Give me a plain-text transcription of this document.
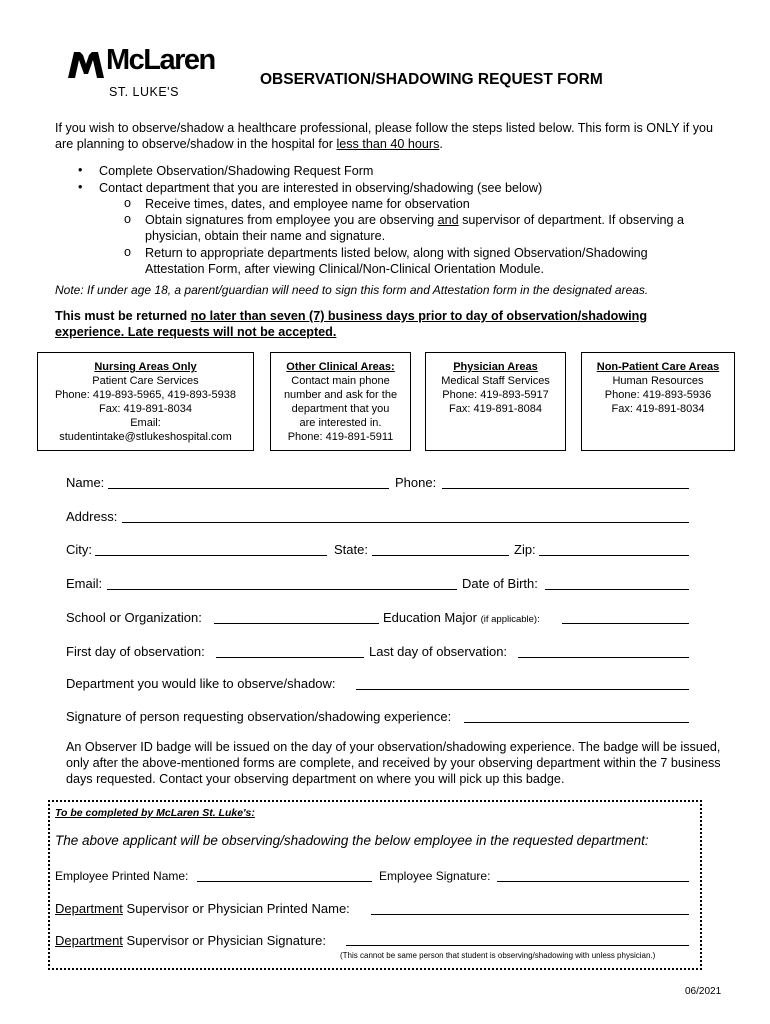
McLaren
ST. LUKE'S
OBSERVATION/SHADOWING REQUEST FORM
If you wish to observe/shadow a healthcare professional, please follow the steps listed below. This form is ONLY if you are planning to observe/shadow in the hospital for less than 40 hours.
• Complete Observation/Shadowing Request Form
• Contact department that you are interested in observing/shadowing (see below)
o Receive times, dates, and employee name for observation
o Obtain signatures from employee you are observing and supervisor of department. If observing a physician, obtain their name and signature.
o Return to appropriate departments listed below, along with signed Observation/Shadowing Attestation Form, after viewing Clinical/Non-Clinical Orientation Module.
Note: If under age 18, a parent/guardian will need to sign this form and Attestation form in the designated areas.
This must be returned no later than seven (7) business days prior to day of observation/shadowing experience. Late requests will not be accepted.
Nursing Areas Only
Patient Care Services
Phone: 419-893-5965, 419-893-5938
Fax: 419-891-8034
Email:
studentintake@stlukeshospital.com
Other Clinical Areas:
Contact main phone
number and ask for the
department that you
are interested in.
Phone: 419-891-5911
Physician Areas
Medical Staff Services
Phone: 419-893-5917
Fax: 419-891-8084
Non-Patient Care Areas
Human Resources
Phone: 419-893-5936
Fax: 419-891-8034
Name:	Phone:
Address:
City:	State:	Zip:
Email:	Date of Birth:
School or Organization:	Education Major (if applicable):
First day of observation:	Last day of observation:
Department you would like to observe/shadow:
Signature of person requesting observation/shadowing experience:
An Observer ID badge will be issued on the day of your observation/shadowing experience. The badge will be issued, only after the above-mentioned forms are complete, and received by your observing department within the 7 business days requested. Contact your observing department on where you will pick up this badge.
To be completed by McLaren St. Luke's:
The above applicant will be observing/shadowing the below employee in the requested department:
Employee Printed Name:	Employee Signature:
Department Supervisor or Physician Printed Name:
Department Supervisor or Physician Signature:
(This cannot be same person that student is observing/shadowing with unless physician.)
06/2021
